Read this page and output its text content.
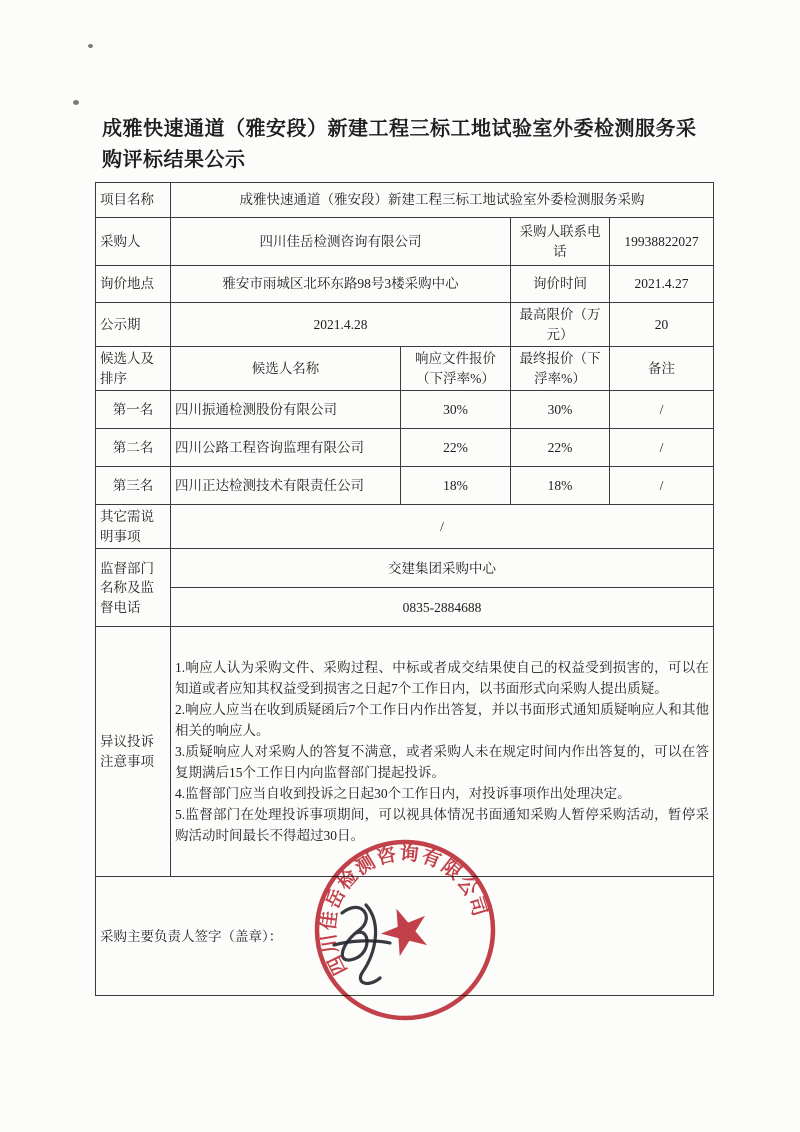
成雅快速通道（雅安段）新建工程三标工地试验室外委检测服务采购评标结果公示
项目名称	成雅快速通道（雅安段）新建工程三标工地试验室外委检测服务采购			
采购人	四川佳岳检测咨询有限公司		采购人联系电话	19938822027
询价地点	雅安市雨城区北环东路98号3楼采购中心		询价时间	2021.4.27
公示期	2021.4.28		最高限价（万元）	20
候选人及排序	候选人名称	响应文件报价（下浮率%）	最终报价（下浮率%）	备注
第一名	四川振通检测股份有限公司	30%	30%	/
第二名	四川公路工程咨询监理有限公司	22%	22%	/
第三名	四川正达检测技术有限责任公司	18%	18%	/
其它需说明事项	/			
监督部门名称及监督电话	交建集团采购中心			
	0835-2884688			
异议投诉注意事项	1.响应人认为采购文件、采购过程、中标或者成交结果使自己的权益受到损害的，可以在知道或者应知其权益受到损害之日起7个工作日内，以书面形式向采购人提出质疑。
2.响应人应当在收到质疑函后7个工作日内作出答复，并以书面形式通知质疑响应人和其他相关的响应人。
3.质疑响应人对采购人的答复不满意，或者采购人未在规定时间内作出答复的，可以在答复期满后15个工作日内向监督部门提起投诉。
4.监督部门应当自收到投诉之日起30个工作日内，对投诉事项作出处理决定。
5.监督部门在处理投诉事项期间，可以视具体情况书面通知采购人暂停采购活动，暂停采购活动时间最长不得超过30日。			

采购主要负责人签字（盖章）：				
四川佳岳检测咨询有限公司
★
